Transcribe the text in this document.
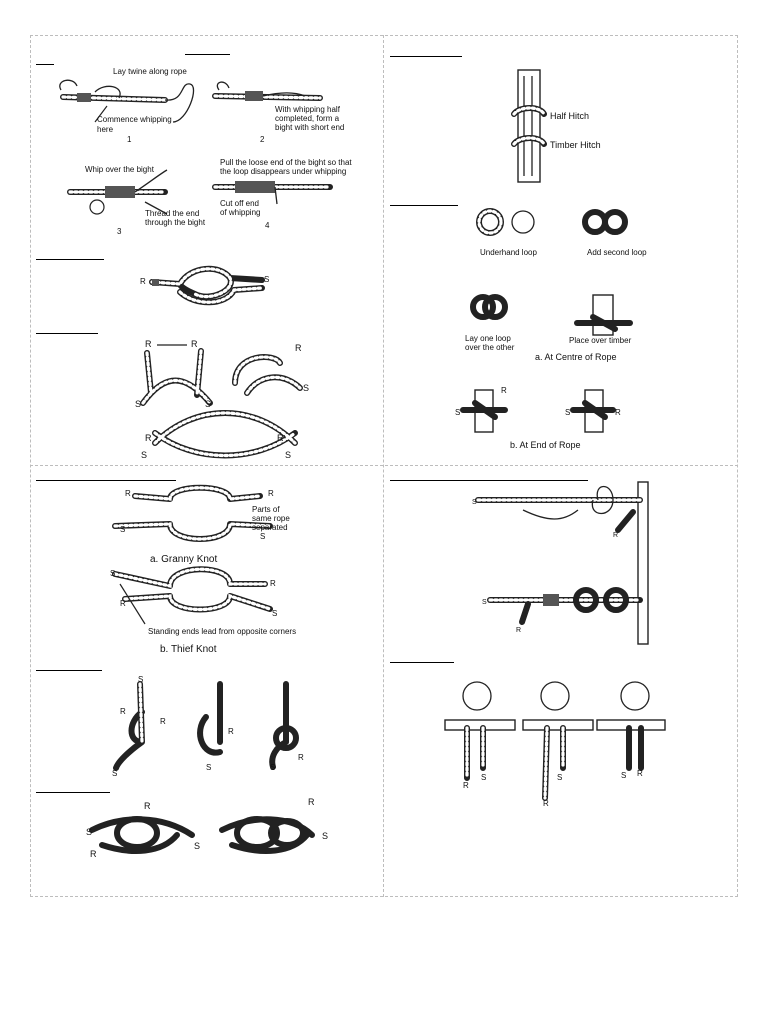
Lay twine along rope
Commence whipping
here
1
With whipping half
completed, form a
bight with short end
2
Whip over the bight
Thread the end
through the bight
3
Pull the loose end of the bight so that
the loop disappears under whipping
Cut off end
of whipping
4
R	S
R	R
S	S
R
S
R	R
S	S
Half Hitch
Timber Hitch
Underhand loop	Add second loop
Lay one loop
over the other
Place over timber
a. At Centre of Rope
S
R
S	R
b. At End of Rope
R	R
Parts of
same rope
separated
S
S
a. Granny Knot
S
R
R
S
Standing ends lead from opposite corners
b. Thief Knot
S
R
S
R
S
R
R
S
S
R
S
R
R
S
R
S
R
S
R
S
R
S	S R
